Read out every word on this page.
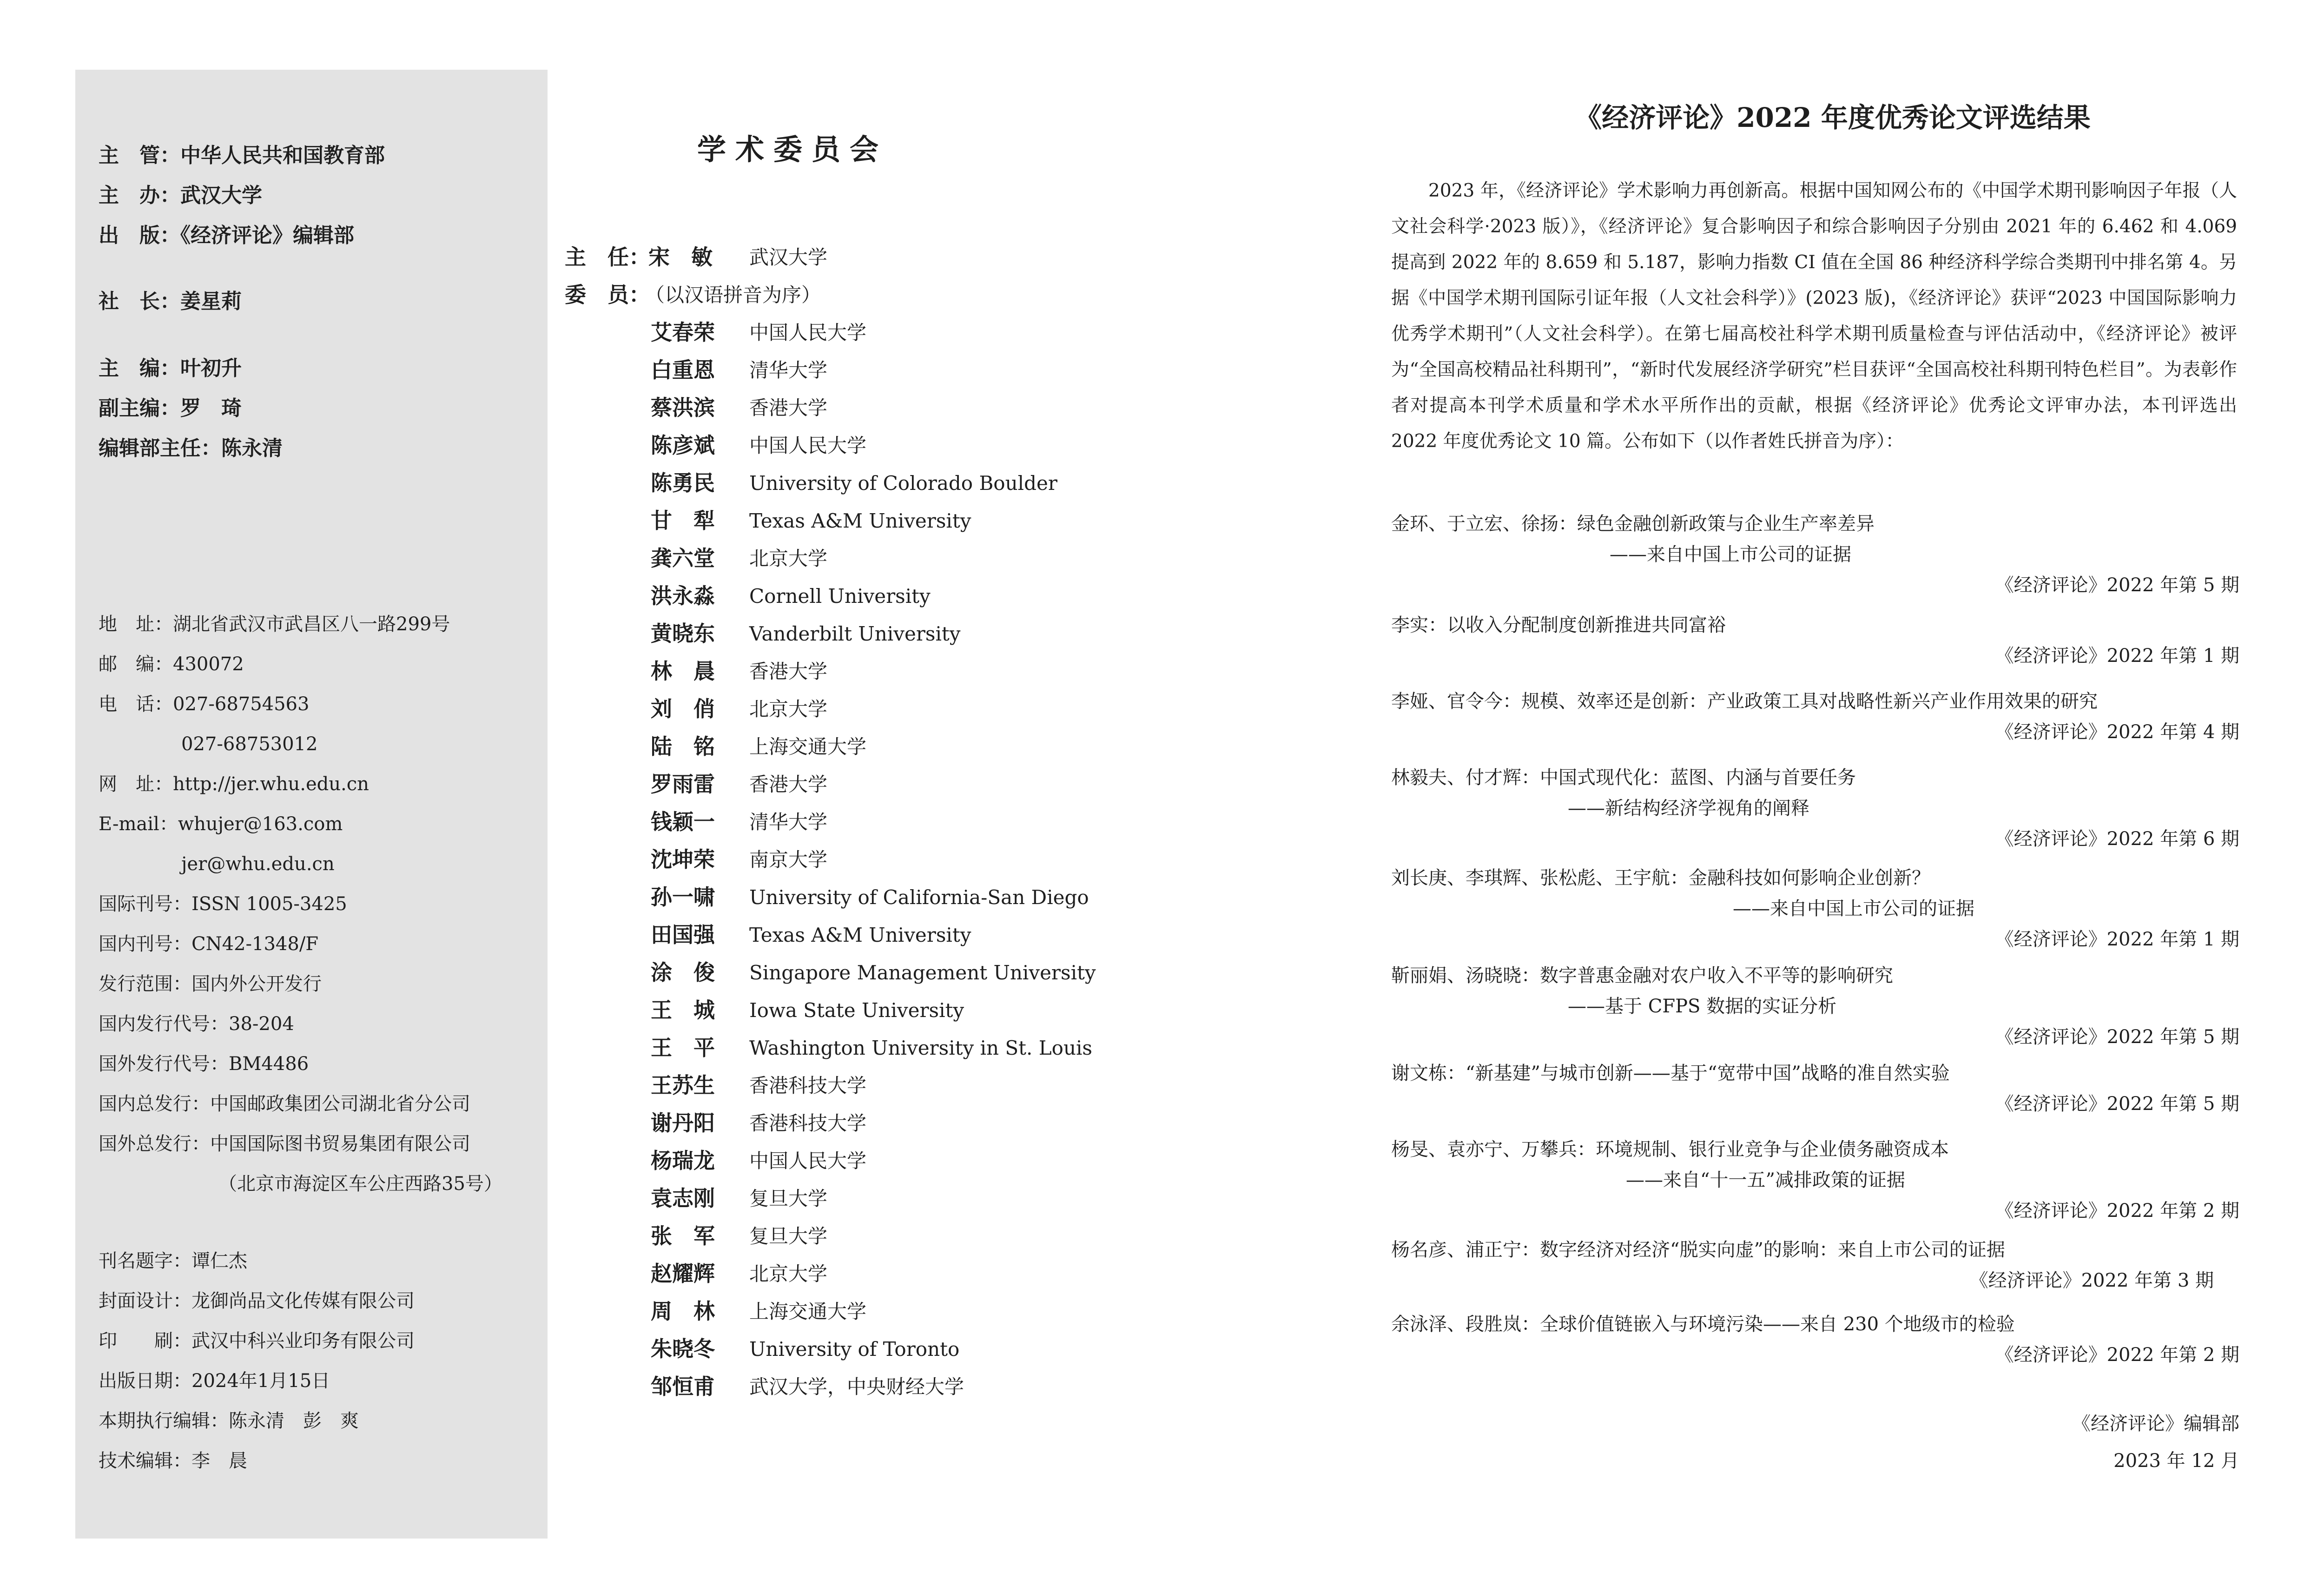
主　管：中华人民共和国教育部
主　办：武汉大学
出　版：《经济评论》编辑部
社　长：姜星莉
主　编：叶初升
副主编：罗　琦
编辑部主任：陈永清
地　址：湖北省武汉市武昌区八一路299号
邮　编：430072
电　话：027-68754563
027-68753012
网　址：http://jer.whu.edu.cn
E-mail：whujer@163.com
jer@whu.edu.cn
国际刊号：ISSN 1005-3425
国内刊号：CN42-1348/F
发行范围：国内外公开发行
国内发行代号：38-204
国外发行代号：BM4486
国内总发行：中国邮政集团公司湖北省分公司
国外总发行：中国国际图书贸易集团有限公司
（北京市海淀区车公庄西路35号）
刊名题字：谭仁杰
封面设计：龙御尚品文化传媒有限公司
印　　刷：武汉中科兴业印务有限公司
出版日期：2024年1月15日
本期执行编辑：陈永清　彭　爽
技术编辑：李　晨
学术委员会
主　任：
宋　敏	武汉大学
委　员：
（以汉语拼音为序）
艾春荣	中国人民大学
白重恩	清华大学
蔡洪滨	香港大学
陈彦斌	中国人民大学
陈勇民	University of Colorado Boulder
甘　犁	Texas A&M University
龚六堂	北京大学
洪永淼	Cornell University
黄晓东	Vanderbilt University
林　晨	香港大学
刘　俏	北京大学
陆　铭	上海交通大学
罗雨雷	香港大学
钱颖一	清华大学
沈坤荣	南京大学
孙一啸	University of California-San Diego
田国强	Texas A&M University
涂　俊	Singapore Management University
王　城	Iowa State University
王　平	Washington University in St. Louis
王苏生	香港科技大学
谢丹阳	香港科技大学
杨瑞龙	中国人民大学
袁志刚	复旦大学
张　军	复旦大学
赵耀辉	北京大学
周　林	上海交通大学
朱晓冬	University of Toronto
邹恒甫	武汉大学，中央财经大学
《经济评论》2022 年度优秀论文评选结果
2023 年，《经济评论》学术影响力再创新高。根据中国知网公布的《中国学术期刊影响因子年报（人文社会科学·2023 版）》，《经济评论》复合影响因子和综合影响因子分别由 2021 年的 6.462 和 4.069 提高到 2022 年的 8.659 和 5.187，影响力指数 CI 值在全国 86 种经济科学综合类期刊中排名第 4。另据《中国学术期刊国际引证年报（人文社会科学）》(2023 版)，《经济评论》获评“2023 中国国际影响力优秀学术期刊”（人文社会科学）。在第七届高校社科学术期刊质量检查与评估活动中，《经济评论》被评为“全国高校精品社科期刊”，“新时代发展经济学研究”栏目获评“全国高校社科期刊特色栏目”。为表彰作者对提高本刊学术质量和学术水平所作出的贡献，根据《经济评论》优秀论文评审办法，本刊评选出 2022 年度优秀论文 10 篇。公布如下（以作者姓氏拼音为序）：
金环、于立宏、徐扬：绿色金融创新政策与企业生产率差异
——来自中国上市公司的证据
《经济评论》2022 年第 5 期
李实：以收入分配制度创新推进共同富裕
《经济评论》2022 年第 1 期
李娅、官令今：规模、效率还是创新：产业政策工具对战略性新兴产业作用效果的研究
《经济评论》2022 年第 4 期
林毅夫、付才辉：中国式现代化：蓝图、内涵与首要任务
——新结构经济学视角的阐释
《经济评论》2022 年第 6 期
刘长庚、李琪辉、张松彪、王宇航：金融科技如何影响企业创新？
——来自中国上市公司的证据
《经济评论》2022 年第 1 期
靳丽娟、汤晓晓：数字普惠金融对农户收入不平等的影响研究
——基于 CFPS 数据的实证分析
《经济评论》2022 年第 5 期
谢文栋：“新基建”与城市创新——基于“宽带中国”战略的准自然实验
《经济评论》2022 年第 5 期
杨旻、袁亦宁、万攀兵：环境规制、银行业竞争与企业债务融资成本
——来自“十一五”减排政策的证据
《经济评论》2022 年第 2 期
杨名彦、浦正宁：数字经济对经济“脱实向虚”的影响：来自上市公司的证据
《经济评论》2022 年第 3 期
余泳泽、段胜岚：全球价值链嵌入与环境污染——来自 230 个地级市的检验
《经济评论》2022 年第 2 期
《经济评论》编辑部
2023 年 12 月
